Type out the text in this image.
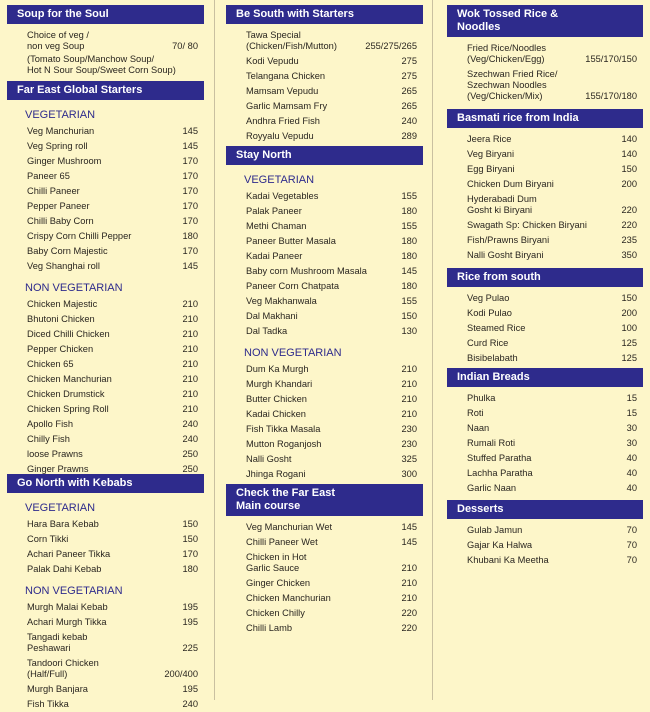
Soup for the Soul
Choice of veg /
non veg Soup	70/ 80
(Tomato Soup/Manchow Soup/
Hot N Sour Soup/Sweet Corn Soup)
Far East Global Starters
VEGETARIAN
Veg Manchurian	145
Veg Spring roll	145
Ginger Mushroom	170
Paneer 65	170
Chilli Paneer	170
Pepper Paneer	170
Chilli Baby Corn	170
Crispy Corn Chilli Pepper	180
Baby Corn Majestic	170
Veg Shanghai roll	145
NON VEGETARIAN
Chicken Majestic	210
Bhutoni Chicken	210
Diced Chilli Chicken	210
Pepper Chicken	210
Chicken 65	210
Chicken Manchurian	210
Chicken Drumstick	210
Chicken Spring Roll	210
Apollo Fish	240
Chilly Fish	240
loose Prawns	250
Ginger Prawns	250
Go North with Kebabs
VEGETARIAN
Hara Bara Kebab	150
Corn Tikki	150
Achari Paneer Tikka	170
Palak Dahi Kebab	180
NON VEGETARIAN
Murgh Malai Kebab	195
Achari Murgh Tikka	195
Tangadi kebab
Peshawari	225
Tandoori Chicken
(Half/Full)	200/400
Murgh Banjara	195
Fish Tikka	240
Be South with Starters
Tawa Special
(Chicken/Fish/Mutton)	255/275/265
Kodi Vepudu	275
Telangana Chicken	275
Mamsam Vepudu	265
Garlic Mamsam Fry	265
Andhra Fried Fish	240
Royyalu Vepudu	289
Stay North
VEGETARIAN
Kadai Vegetables	155
Palak Paneer	180
Methi Chaman	155
Paneer Butter Masala	180
Kadai Paneer	180
Baby corn Mushroom Masala	145
Paneer Corn Chatpata	180
Veg Makhanwala	155
Dal Makhani	150
Dal Tadka	130
NON VEGETARIAN
Dum Ka Murgh	210
Murgh Khandari	210
Butter Chicken	210
Kadai Chicken	210
Fish Tikka Masala	230
Mutton Roganjosh	230
Nalli Gosht	325
Jhinga Rogani	300
Check the Far East
Main course
Veg Manchurian Wet	145
Chilli Paneer Wet	145
Chicken in Hot
Garlic Sauce	210
Ginger Chicken	210
Chicken Manchurian	210
Chicken Chilly	220
Chilli Lamb	220
Wok Tossed Rice &
Noodles
Fried Rice/Noodles
(Veg/Chicken/Egg)	155/170/150
Szechwan Fried Rice/
Szechwan Noodles
(Veg/Chicken/Mix)	155/170/180
Basmati rice from India
Jeera Rice	140
Veg Biryani	140
Egg Biryani	150
Chicken Dum Biryani	200
Hyderabadi Dum
Gosht ki Biryani	220
Swagath Sp: Chicken Biryani	220
Fish/Prawns Biryani	235
Nalli Gosht Biryani	350
Rice from south
Veg Pulao	150
Kodi Pulao	200
Steamed Rice	100
Curd Rice	125
Bisibelabath	125
Indian Breads
Phulka	15
Roti	15
Naan	30
Rumali Roti	30
Stuffed Paratha	40
Lachha Paratha	40
Garlic Naan	40
Desserts
Gulab Jamun	70
Gajar Ka Halwa	70
Khubani Ka Meetha	70
